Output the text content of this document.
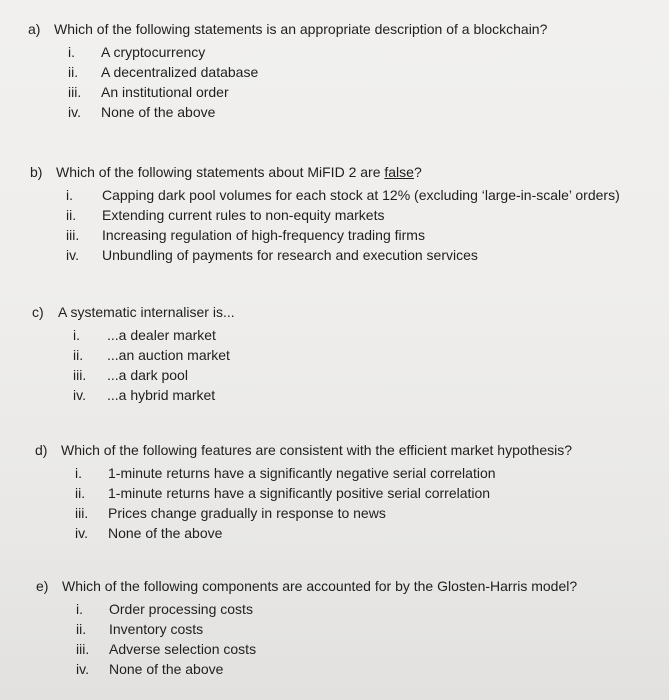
a) Which of the following statements is an appropriate description of a blockchain?
i.	A cryptocurrency
ii. A decentralized database
iii. An institutional order
iv. None of the above
b) Which of the following statements about MiFID 2 are false?
i.	Capping dark pool volumes for each stock at 12% (excluding ‘large-in-scale’ orders)
ii. Extending current rules to non-equity markets
iii. Increasing regulation of high-frequency trading firms
iv. Unbundling of payments for research and execution services
c)	A systematic internaliser is...
i.	...a dealer market
ii. ...an auction market
iii. ...a dark pool
iv. ...a hybrid market
d) Which of the following features are consistent with the efficient market hypothesis?
i.	1-minute returns have a significantly negative serial correlation
ii. 1-minute returns have a significantly positive serial correlation
iii. Prices change gradually in response to news
iv. None of the above
e) Which of the following components are accounted for by the Glosten-Harris model?
i.	Order processing costs
ii. Inventory costs
iii. Adverse selection costs
iv. None of the above
